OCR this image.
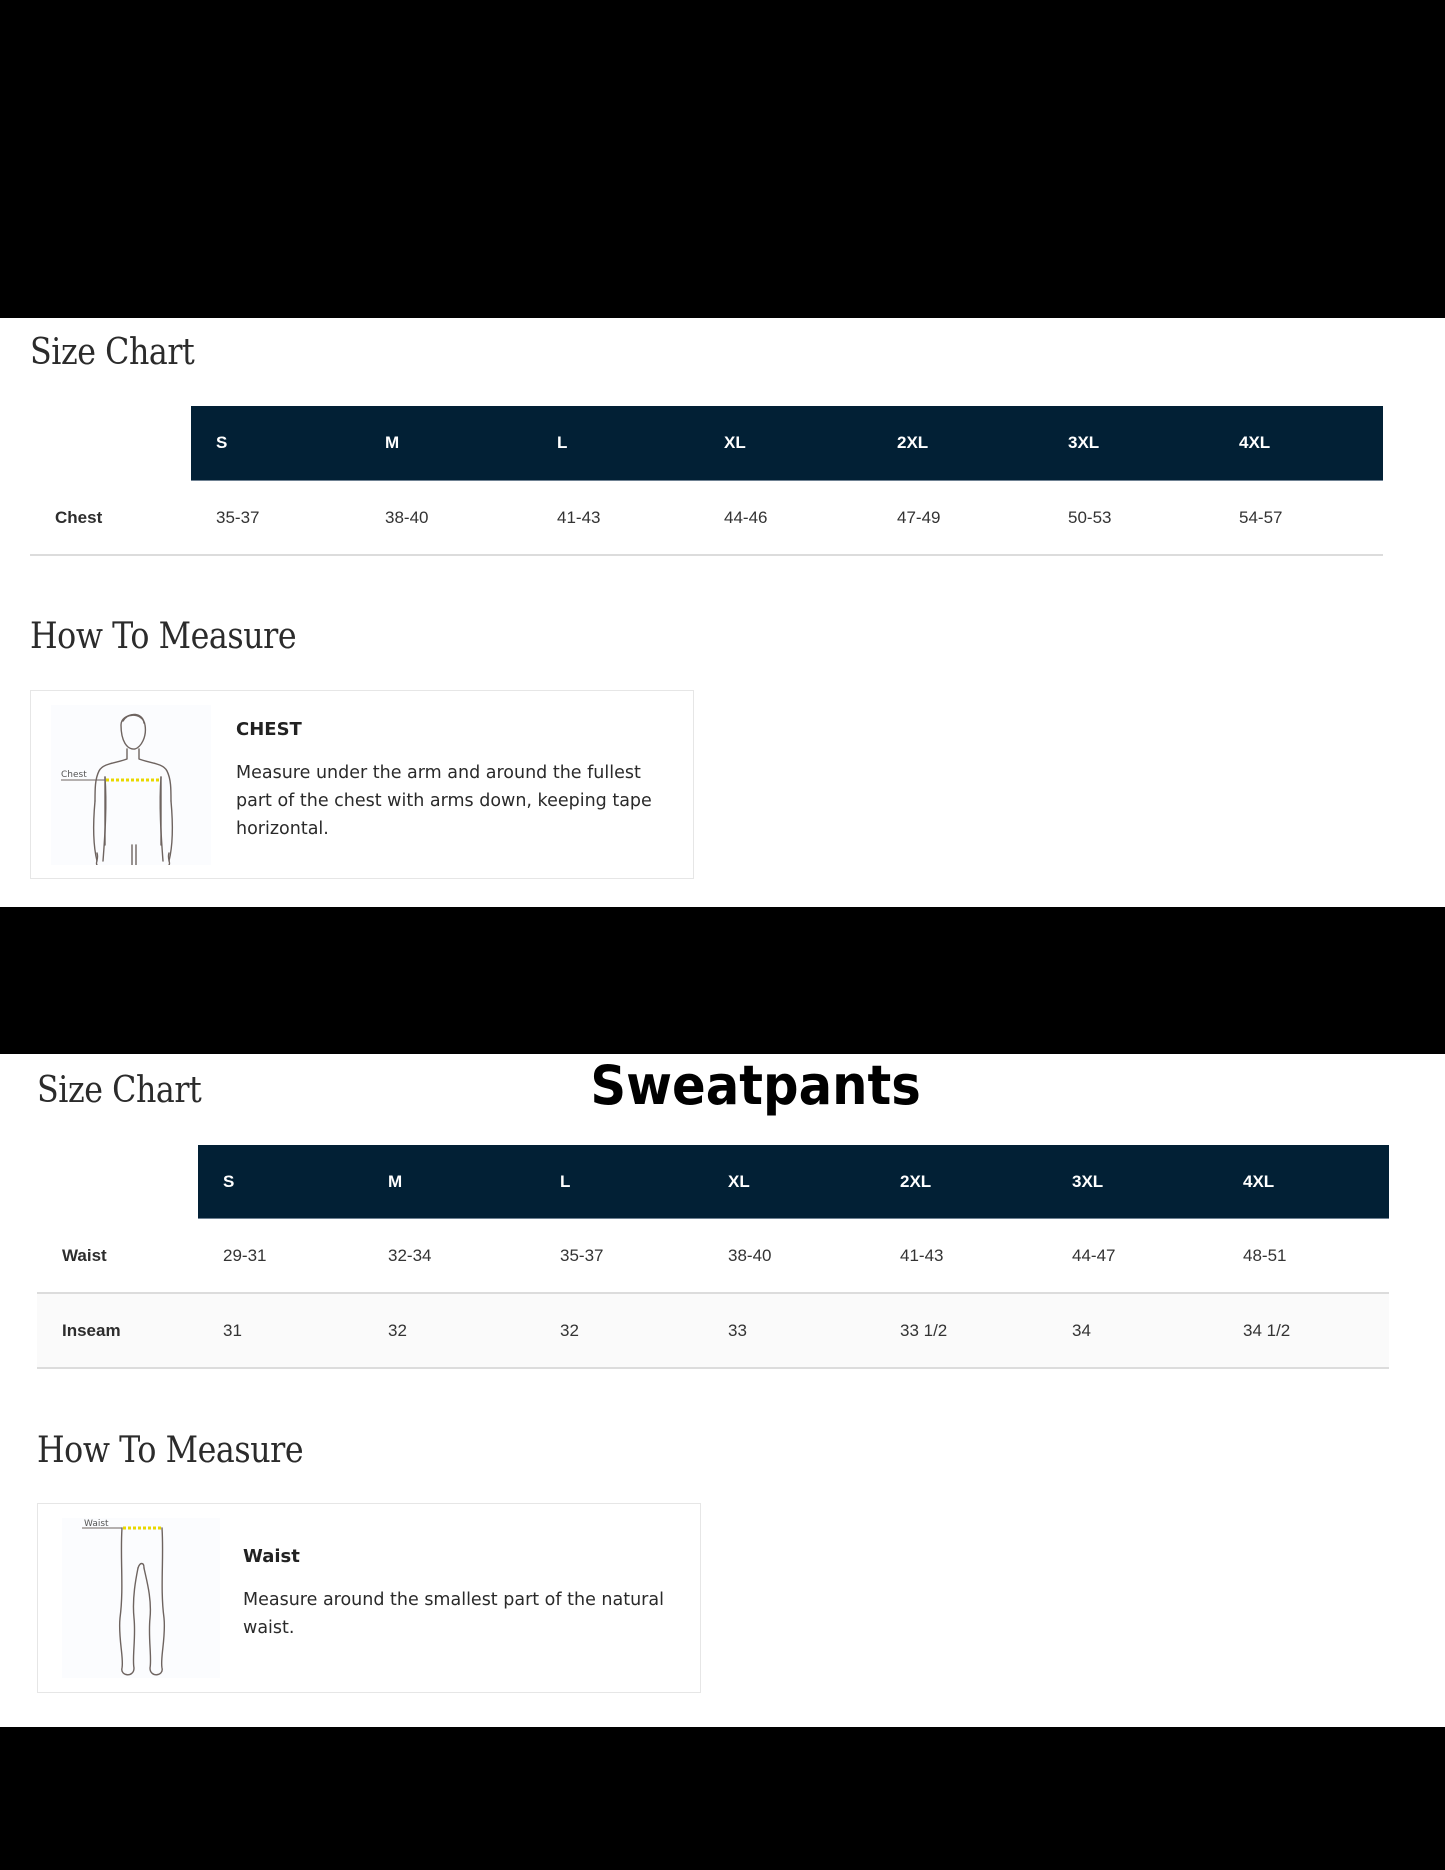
Size Chart
S	M	L	XL	2XL	3XL	4XL
Chest	35-37	38-40	41-43	44-46	47-49	50-53	54-57
How To Measure
Chest
CHEST
Measure under the arm and around the fullest part of the chest with arms down, keeping tape horizontal.
Size Chart	Sweatpants
S	M	L	XL	2XL	3XL	4XL
Waist	29-31	32-34	35-37	38-40	41-43	44-47	48-51
Inseam	31	32	32	33	33 1/2	34	34 1/2
How To Measure
Waist
Waist
Measure around the smallest part of the natural waist.
